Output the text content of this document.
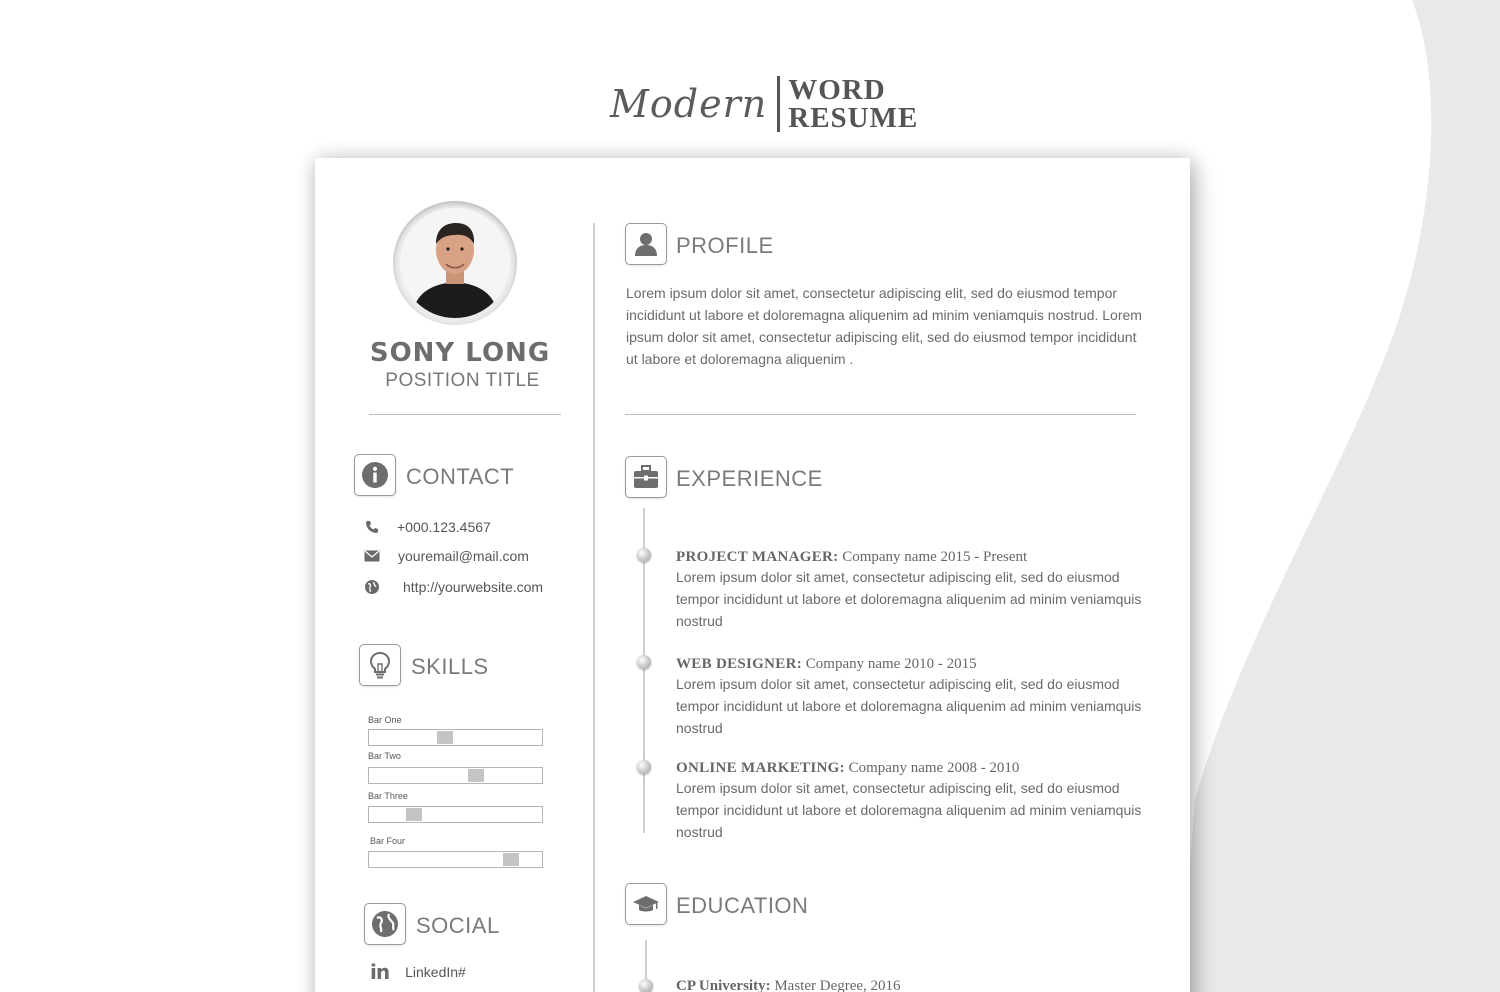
Modern WORD
RESUME
SONY LONG
POSITION TITLE
CONTACT
+000.123.4567
youremail@mail.com
http://yourwebsite.com
SKILLS
Bar One
Bar Two
Bar Three
Bar Four
SOCIAL
in LinkedIn#
PROFILE
Lorem ipsum dolor sit amet, consectetur adipiscing elit, sed do eiusmod tempor incididunt ut labore et doloremagna aliquenim ad minim veniamquis nostrud. Lorem ipsum dolor sit amet, consectetur adipiscing elit, sed do eiusmod tempor incididunt ut labore et doloremagna aliquenim .
EXPERIENCE
PROJECT MANAGER: Company name 2015 - Present
Lorem ipsum dolor sit amet, consectetur adipiscing elit, sed do eiusmod tempor incididunt ut labore et doloremagna aliquenim ad minim veniamquis nostrud
WEB DESIGNER: Company name 2010 - 2015
Lorem ipsum dolor sit amet, consectetur adipiscing elit, sed do eiusmod tempor incididunt ut labore et doloremagna aliquenim ad minim veniamquis nostrud
ONLINE MARKETING: Company name 2008 - 2010
Lorem ipsum dolor sit amet, consectetur adipiscing elit, sed do eiusmod tempor incididunt ut labore et doloremagna aliquenim ad minim veniamquis nostrud
EDUCATION
CP University: Master Degree, 2016
